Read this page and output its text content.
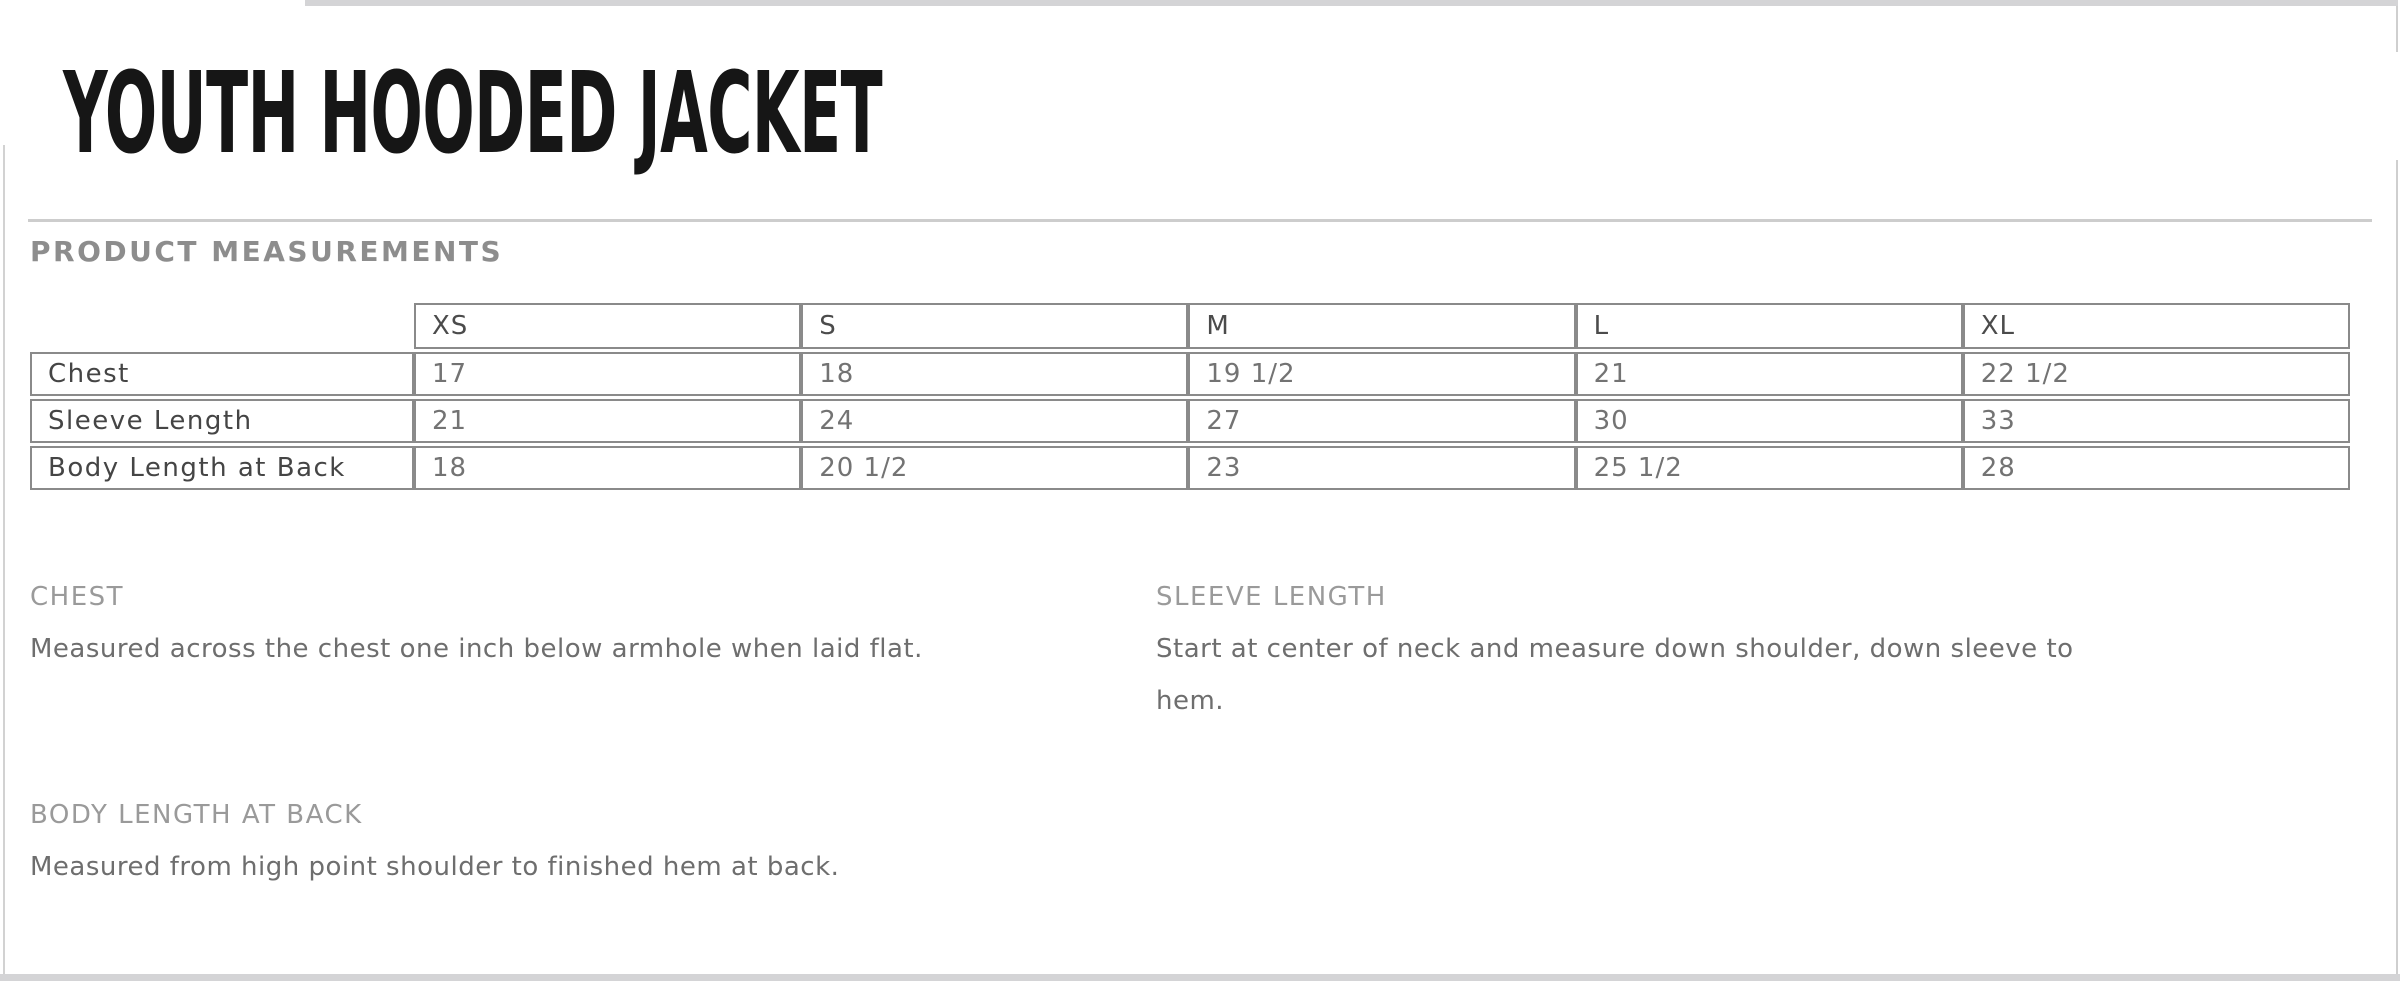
YOUTH HOODED JACKET
PRODUCT MEASUREMENTS
	XS	S	M	L	XL
Chest	17	18	19 1/2	21	22 1/2
Sleeve Length	21	24	27	30	33
Body Length at Back	18	20 1/2	23	25 1/2	28
CHEST
Measured across the chest one inch below armhole when laid flat.
SLEEVE LENGTH
Start at center of neck and measure down shoulder, down sleeve to hem.
BODY LENGTH AT BACK
Measured from high point shoulder to finished hem at back.
